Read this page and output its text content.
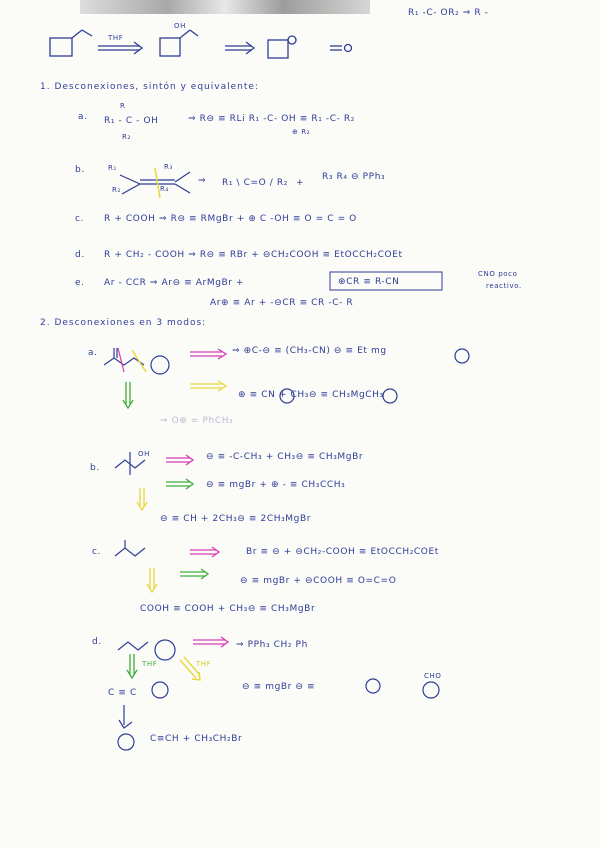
R₁ -C- OR₂ ⇒ R -
THF
OH
1. Desconexiones, sintón y equivalente:
a.
R
R₁ - C - OH
R₂
⇒ R⊖ ≡ RLi R₁ -C- OH ≡ R₁ -C- R₂
⊕ R₂
b.	R₁	R₃
R₂	R₄
⇒ R₁ \ C=O / R₂ +
R₃ R₄ ⊖ PPh₃
c. R + COOH ⇒ R⊖ ≡ RMgBr + ⊕ C -OH ≡ O = C = O
d. R + CH₂ - COOH ⇒ R⊖ ≡ RBr + ⊖CH₂COOH ≡ EtOCCH₂COEt
e. Ar - CCR ⇒ Ar⊖ ≡ ArMgBr +	⊕CR ≡ R-CN
CNO poco
reactivo.
Ar⊕ ≡ Ar + -⊖CR ≡ CR -C- R
2. Desconexiones en 3 modos:
a.	⇒ ⊕C-⊖ ≡ (CH₃-CN) ⊖ ≡ Et mg
⊕ ≡ CN + CH₃⊖ ≡ CH₃MgCH₃
⇒ O⊕ = PhCH₃
b.
OH	⊖ ≡ -C-CH₃ + CH₃⊖ ≡ CH₃MgBr
⊖ ≡ mgBr + ⊕ - ≡ CH₃CCH₃
⊖ ≡ CH + 2CH₃⊖ ≡ 2CH₃MgBr
c.	Br ≡ ⊖ + ⊖CH₂-COOH ≡ EtOCCH₂COEt
⊖ ≡ mgBr + ⊖COOH ≡ O=C=O
COOH ≡ COOH + CH₃⊖ ≡ CH₃MgBr
d.	⇒ PPh₃ CH₂ Ph
THF	THF
⊖ ≡ mgBr ⊖ ≡
CHO
C ≡ C
C≡CH + CH₃CH₂Br
